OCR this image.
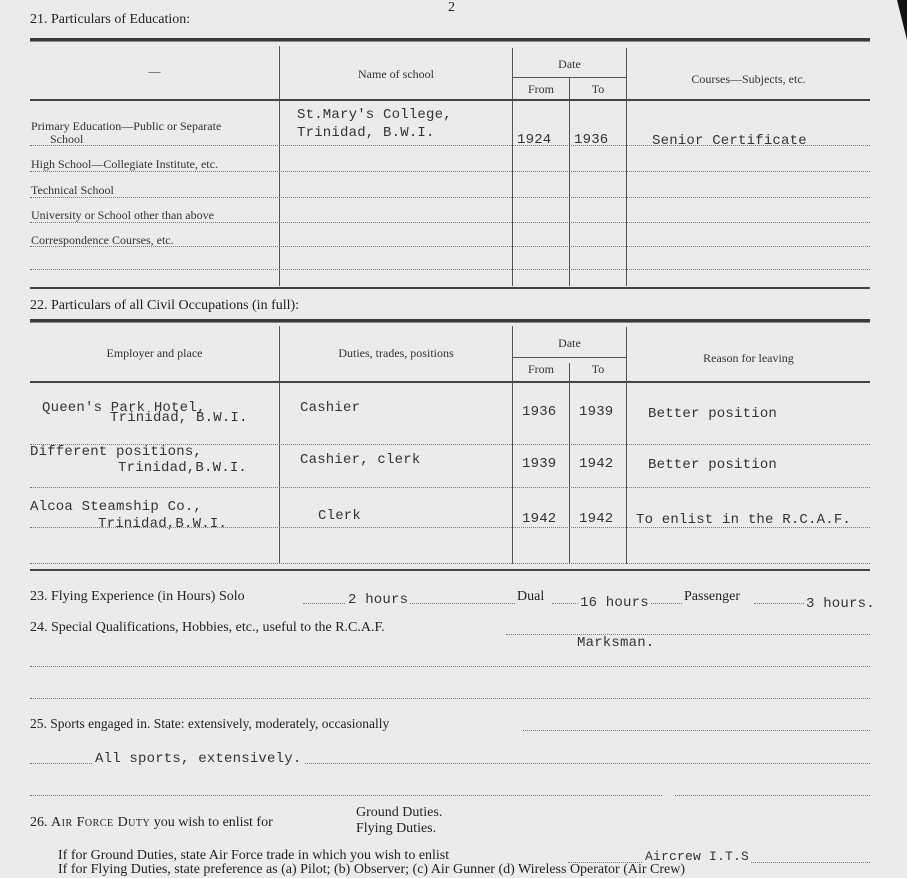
2
21. Particulars of Education:
—	Name of school
Date
From	To
Courses—Subjects, etc.
Primary Education—Public or Separate
School
St.Mary's College,
Trinidad, B.W.I.	1924 1936	Senior Certificate
High School—Collegiate Institute, etc.
Technical School
University or School other than above
Correspondence Courses, etc.
22. Particulars of all Civil Occupations (in full):
Employer and place	Duties, trades, positions
Date
From	To
Reason for leaving
Queen's Park Hotel,
Trinidad, B.W.I.
Cashier	1936 1939 Better position
Different positions,
Trinidad,B.W.I.	Cashier, clerk	1939 1942 Better position
Alcoa Steamship Co.,
Trinidad,B.W.I.	Clerk	1942 1942 To enlist in the R.C.A.F.
23. Flying Experience (in Hours) Solo	2 hours	Dual	16 hours	Passenger	3 hours.
24. Special Qualifications, Hobbies, etc., useful to the R.C.A.F.
Marksman.
25. Sports engaged in. State: extensively, moderately, occasionally
All sports, extensively.
26. Air Force Duty you wish to enlist for
Ground Duties.
Flying Duties.
If for Ground Duties, state Air Force trade in which you wish to enlist	Aircrew I.T.S
If for Flying Duties, state preference as (a) Pilot; (b) Observer; (c) Air Gunner (d) Wireless Operator (Air Crew)
